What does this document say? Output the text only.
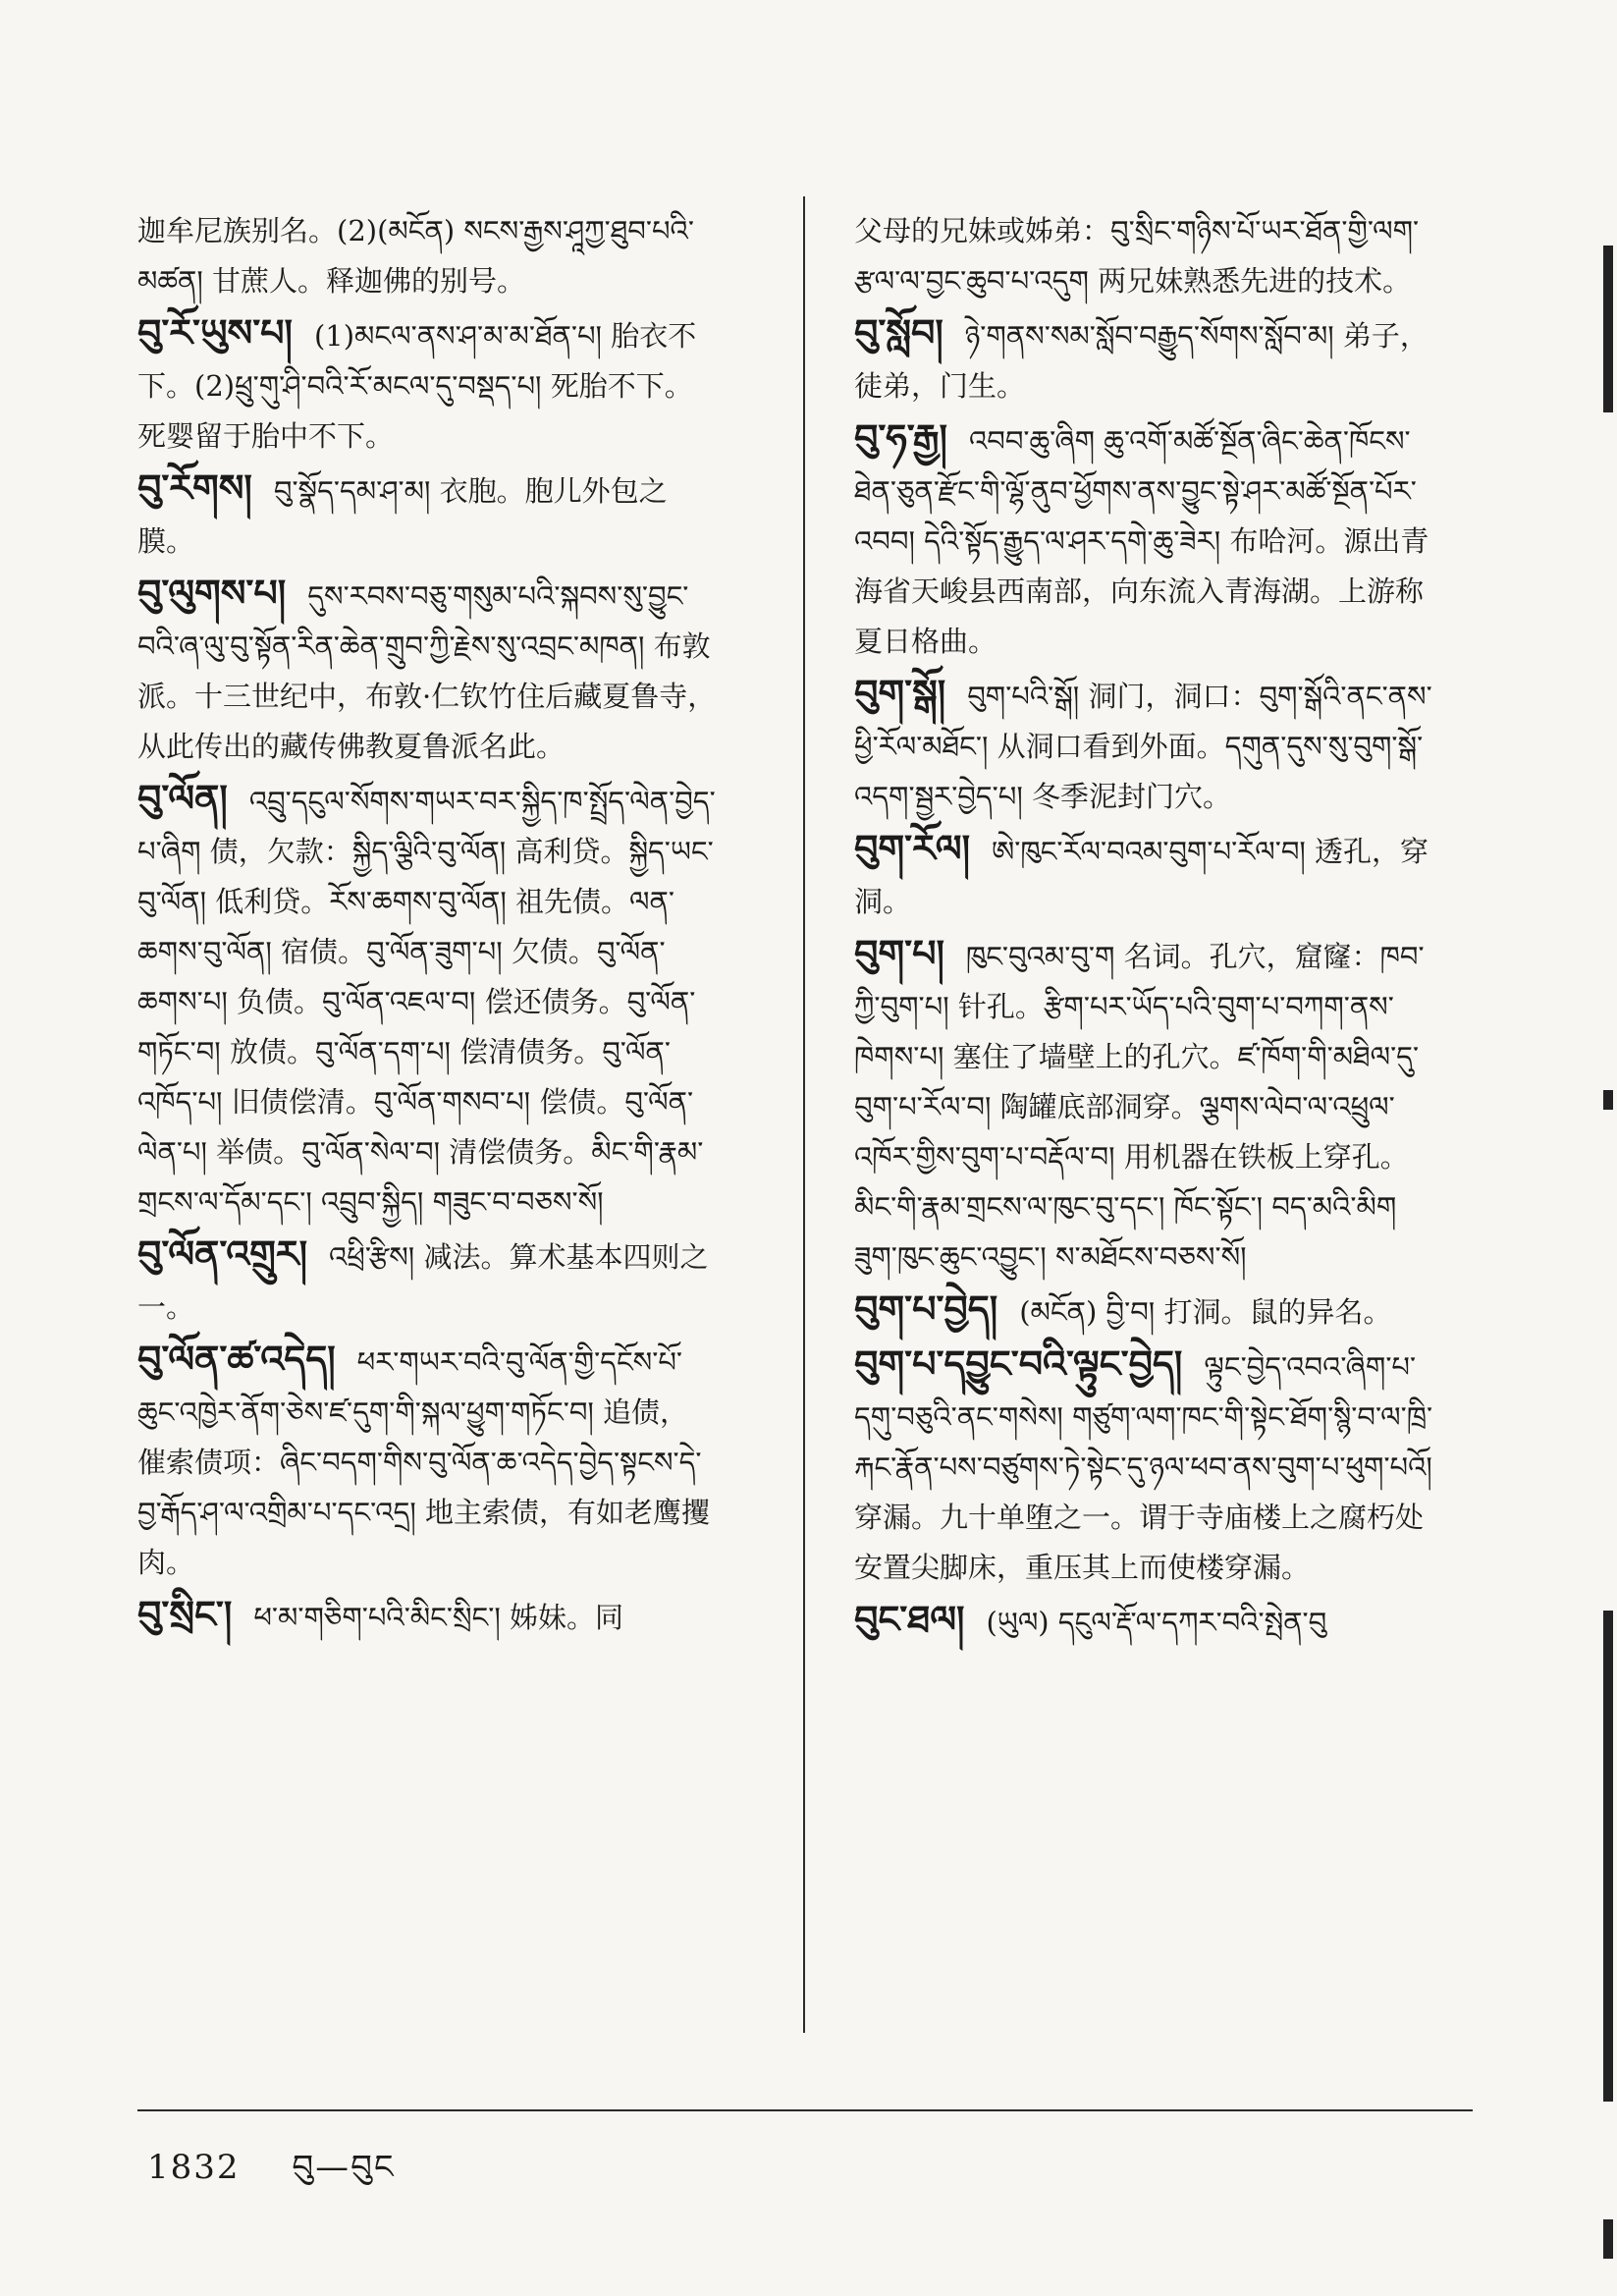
迦牟尼族别名。(2)(མངོན) སངས་རྒྱས་ཤཱཀྱ་ཐུབ་པའི་མཚན། 甘蔗人。释迦佛的别号。
བུ་ཪོ་ཡུས་པ། (1)མངལ་ནས་ཤ་མ་མ་ཐོན་པ། 胎衣不下。(2)ཕྲུ་གུ་ཤི་བའི་རོ་མངལ་དུ་བསྡད་པ། 死胎不下。死婴留于胎中不下。
བུ་ཪོགས། བུ་སྣོད་དམ་ཤ་མ། 衣胞。胞儿外包之膜。
བུ་ལུགས་པ། དུས་རབས་བཅུ་གསུམ་པའི་སྐབས་སུ་བྱུང་བའི་ཞ་ལུ་བུ་སྟོན་རིན་ཆེན་གྲུབ་ཀྱི་རྗེས་སུ་འབྲང་མཁན། 布敦派。十三世纪中，布敦·仁钦竹住后藏夏鲁寺，从此传出的藏传佛教夏鲁派名此。
བུ་ལོན། འབྲུ་དངུལ་སོགས་གཡར་བར་སྐྱིད་ཁ་སྤྲོད་ལེན་བྱེད་པ་ཞིག 债，欠款：སྐྱིད་ལྕིའི་བུ་ལོན། 高利贷。སྐྱིད་ཡང་བུ་ལོན། 低利贷。ཪོས་ཆགས་བུ་ལོན། 祖先债。ལན་ཆགས་བུ་ལོན། 宿债。བུ་ལོན་ཟུག་པ། 欠债。བུ་ལོན་ཆགས་པ། 负债。བུ་ལོན་འཇལ་བ། 偿还债务。བུ་ལོན་གཏོང་བ། 放债。བུ་ལོན་དག་པ། 偿清债务。བུ་ལོན་འཁོད་པ། 旧债偿清。བུ་ལོན་གསབ་པ། 偿债。བུ་ལོན་ལེན་པ། 举债。བུ་ལོན་སེལ་བ། 清偿债务。མིང་གི་རྣམ་གྲངས་ལ་དོམ་དང་། འབྲུབ་སྐྱིད། གཟུང་བ་བཅས་སོ།
བུ་ལོན་འགྲུར། འཕྲི་རྩིས། 减法。算术基本四则之一。
བུ་ལོན་ཚ་འདེད། ཕར་གཡར་བའི་བུ་ལོན་གྱི་དངོས་པོ་ཆུང་འཁྱེར་ནོག་ཅེས་ཛ་དུག་གི་སྐལ་ཕྱུག་གཏོང་བ། 追债，催索债项：ཞིང་བདག་གིས་བུ་ལོན་ཆ་འདེད་བྱེད་སྟངས་དེ་བྱ་རྒོད་ཤ་ལ་འགྲིམ་པ་དང་འདྲ། 地主索债，有如老鹰攫肉。
བུ་སྲིང་། ཕ་མ་གཅིག་པའི་མིང་སྲིང་། 姊妹。同
父母的兄妹或姊弟：བུ་སྲིང་གཉིས་པོ་ཡར་ཐོན་གྱི་ལག་རྩལ་ལ་བྱང་ཆུབ་པ་འདུག 两兄妹熟悉先进的技术。
བུ་སློབ། ཉེ་གནས་སམ་སློབ་བརྒྱུད་སོགས་སློབ་མ། 弟子，徒弟，门生。
བུ་ཧ་རྒྱ། འབབ་ཆུ་ཞིག ཆུ་འགོ་མཚོ་སྔོན་ཞིང་ཆེན་ཁོངས་ཐེན་ཅུན་རྫོང་གི་ལྷོ་ནུབ་ཕྱོགས་ནས་བྱུང་སྟེ་ཤར་མཚོ་སྔོན་པོར་འབབ། དེའི་སྟོད་རྒྱུད་ལ་ཤར་དགེ་ཆུ་ཟེར། 布哈河。源出青海省天峻县西南部，向东流入青海湖。上游称夏日格曲。
བུག་སྒོ། བུག་པའི་སྒོ། 洞门，洞口：བུག་སྒོའི་ནང་ནས་ཕྱི་རོལ་མཐོང་། 从洞口看到外面。དགུན་དུས་སུ་བུག་སྒོ་འདག་སྦྱར་བྱེད་པ། 冬季泥封门穴。
བུག་ཪོལ། ཨེ་ཁུང་ཪོལ་བའམ་བུག་པ་ཪོལ་བ། 透孔，穿洞。
བུག་པ། ཁུང་བུའམ་བུ་ག 名词。孔穴，窟窿：ཁབ་ཀྱི་བུག་པ། 针孔。རྩིག་པར་ཡོད་པའི་བུག་པ་བཀག་ནས་ཁེགས་པ། 塞住了墙壁上的孔穴。ཛ་ཁོག་གི་མཐིལ་དུ་བུག་པ་ཪོལ་བ། 陶罐底部洞穿。ལྕགས་ལེབ་ལ་འཕྲུལ་འཁོར་གྱིས་བུག་པ་བརྡོལ་བ། 用机器在铁板上穿孔。མིང་གི་རྣམ་གྲངས་ལ་ཁུང་བུ་དང་། ཁོང་སྟོང་། བད་མའི་མིག ཟུག་ཁུང་ཆུང་འབྱུང་། ས་མཐོངས་བཅས་སོ།
བུག་པ་བྱེད། (མངོན) བྱི་བ། 打洞。鼠的异名。
བུག་པ་དབྱུང་བའི་ལྟུང་བྱེད། ལྟུང་བྱེད་འབའ་ཞིག་པ་དགུ་བཅུའི་ནང་གསེས། གཙུག་ལག་ཁང་གི་སྟེང་ཐོག་སྙི་བ་ལ་ཁྲི་རྐང་རྣོན་པས་བཙུགས་ཏེ་སྟེང་དུ་ཉལ་ཕབ་ནས་བུག་པ་ཕུག་པའོ། 穿漏。九十单堕之一。谓于寺庙楼上之腐朽处安置尖脚床，重压其上而使楼穿漏。
བུང་ཐལ། (ཡུལ) དངུལ་རྡོ་ལ་དཀར་བའི་སྤེན་བུ
1832 བུ—བུང
